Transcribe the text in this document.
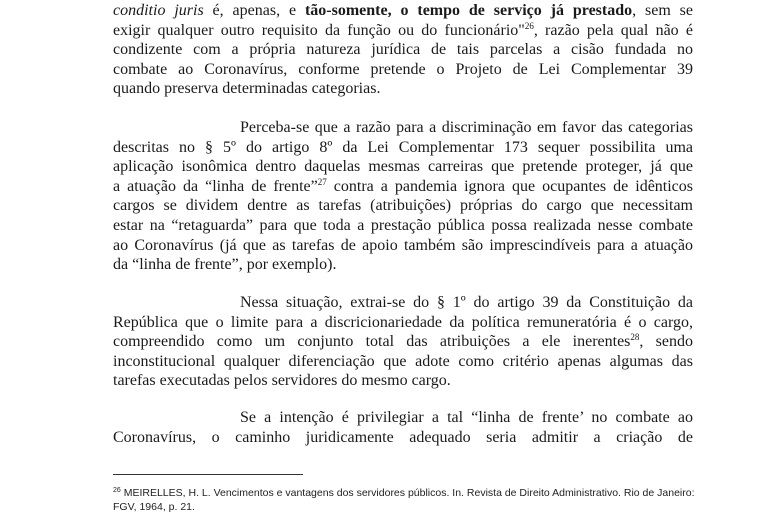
conditio juris é, apenas, e tão-somente, o tempo de serviço já prestado, sem se
exigir qualquer outro requisito da função ou do funcionário"$^{26}$, razão pela qual não é
condizente com a própria natureza jurídica de tais parcelas a cisão fundada no
combate ao Coronavírus, conforme pretende o Projeto de Lei Complementar 39
quando preserva determinadas categorias.
Perceba-se que a razão para a discriminação em favor das categorias
descritas no § 5º do artigo 8º da Lei Complementar 173 sequer possibilita uma
aplicação isonômica dentro daquelas mesmas carreiras que pretende proteger, já que
a atuação da “linha de frente”$^{27}$ contra a pandemia ignora que ocupantes de idênticos
cargos se dividem dentre as tarefas (atribuições) próprias do cargo que necessitam
estar na “retaguarda” para que toda a prestação pública possa realizada nesse combate
ao Coronavírus (já que as tarefas de apoio também são imprescindíveis para a atuação
da “linha de frente”, por exemplo).
Nessa situação, extrai-se do § 1º do artigo 39 da Constituição da
República que o limite para a discricionariedade da política remuneratória é o cargo,
compreendido como um conjunto total das atribuições a ele inerentes$^{28}$, sendo
inconstitucional qualquer diferenciação que adote como critério apenas algumas das
tarefas executadas pelos servidores do mesmo cargo.
Se a intenção é privilegiar a tal “linha de frente’ no combate ao
Coronavírus, o caminho juridicamente adequado seria admitir a criação de
$^{26}$ MEIRELLES, H. L. Vencimentos e vantagens dos servidores públicos. In. Revista de Direito Administrativo. Rio de Janeiro:
FGV, 1964, p. 21.
